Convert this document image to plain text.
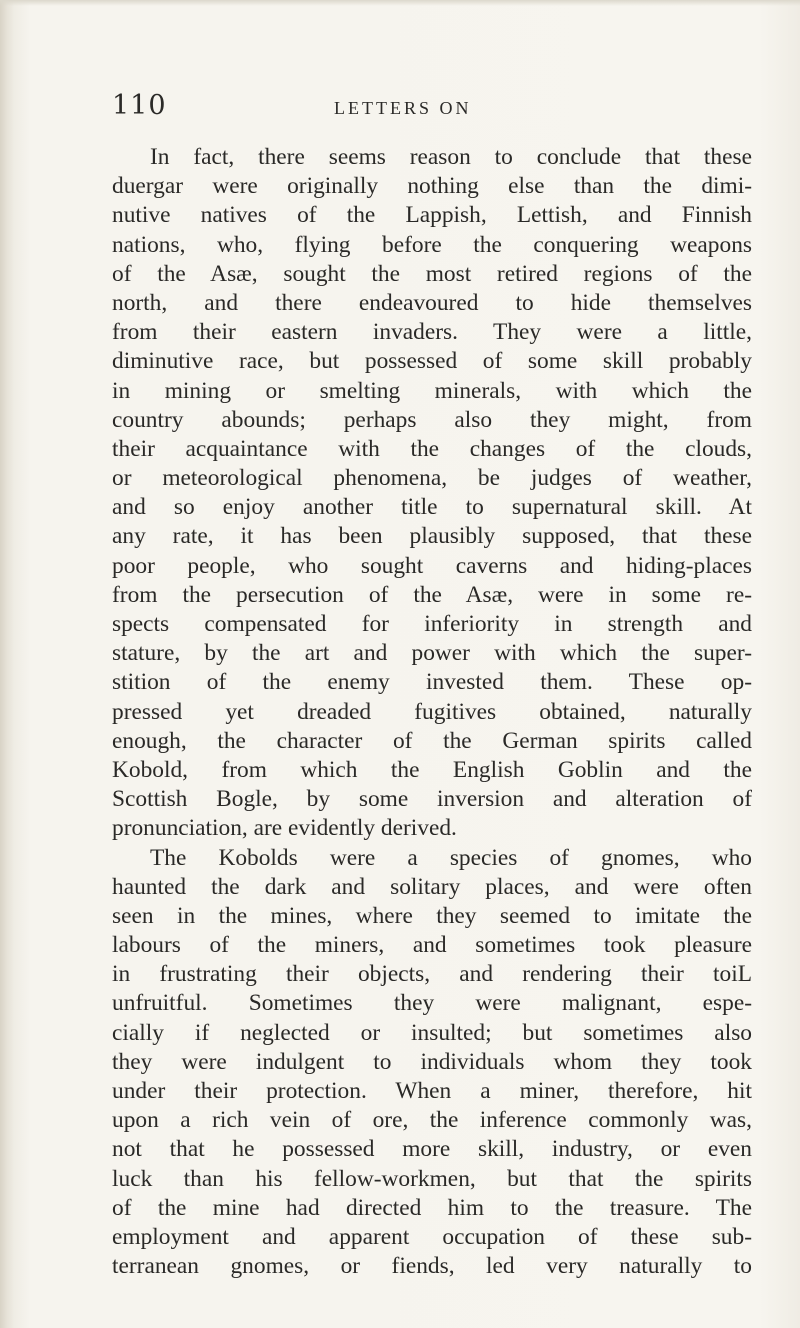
110	LETTERS ON
In fact, there seems reason to conclude that these
duergar were originally nothing else than the dimi-
nutive natives of the Lappish, Lettish, and Finnish
nations, who, flying before the conquering weapons
of the Asæ, sought the most retired regions of the
north, and there endeavoured to hide themselves
from their eastern invaders. They were a little,
diminutive race, but possessed of some skill probably
in mining or smelting minerals, with which the
country abounds; perhaps also they might, from
their acquaintance with the changes of the clouds,
or meteorological phenomena, be judges of weather,
and so enjoy another title to supernatural skill. At
any rate, it has been plausibly supposed, that these
poor people, who sought caverns and hiding-places
from the persecution of the Asæ, were in some re-
spects compensated for inferiority in strength and
stature, by the art and power with which the super-
stition of the enemy invested them. These op-
pressed yet dreaded fugitives obtained, naturally
enough, the character of the German spirits called
Kobold, from which the English Goblin and the
Scottish Bogle, by some inversion and alteration of
pronunciation, are evidently derived.
The Kobolds were a species of gnomes, who
haunted the dark and solitary places, and were often
seen in the mines, where they seemed to imitate the
labours of the miners, and sometimes took pleasure
in frustrating their objects, and rendering their toiL
unfruitful. Sometimes they were malignant, espe-
cially if neglected or insulted; but sometimes also
they were indulgent to individuals whom they took
under their protection. When a miner, therefore, hit
upon a rich vein of ore, the inference commonly was,
not that he possessed more skill, industry, or even
luck than his fellow-workmen, but that the spirits
of the mine had directed him to the treasure. The
employment and apparent occupation of these sub-
terranean gnomes, or fiends, led very naturally to
